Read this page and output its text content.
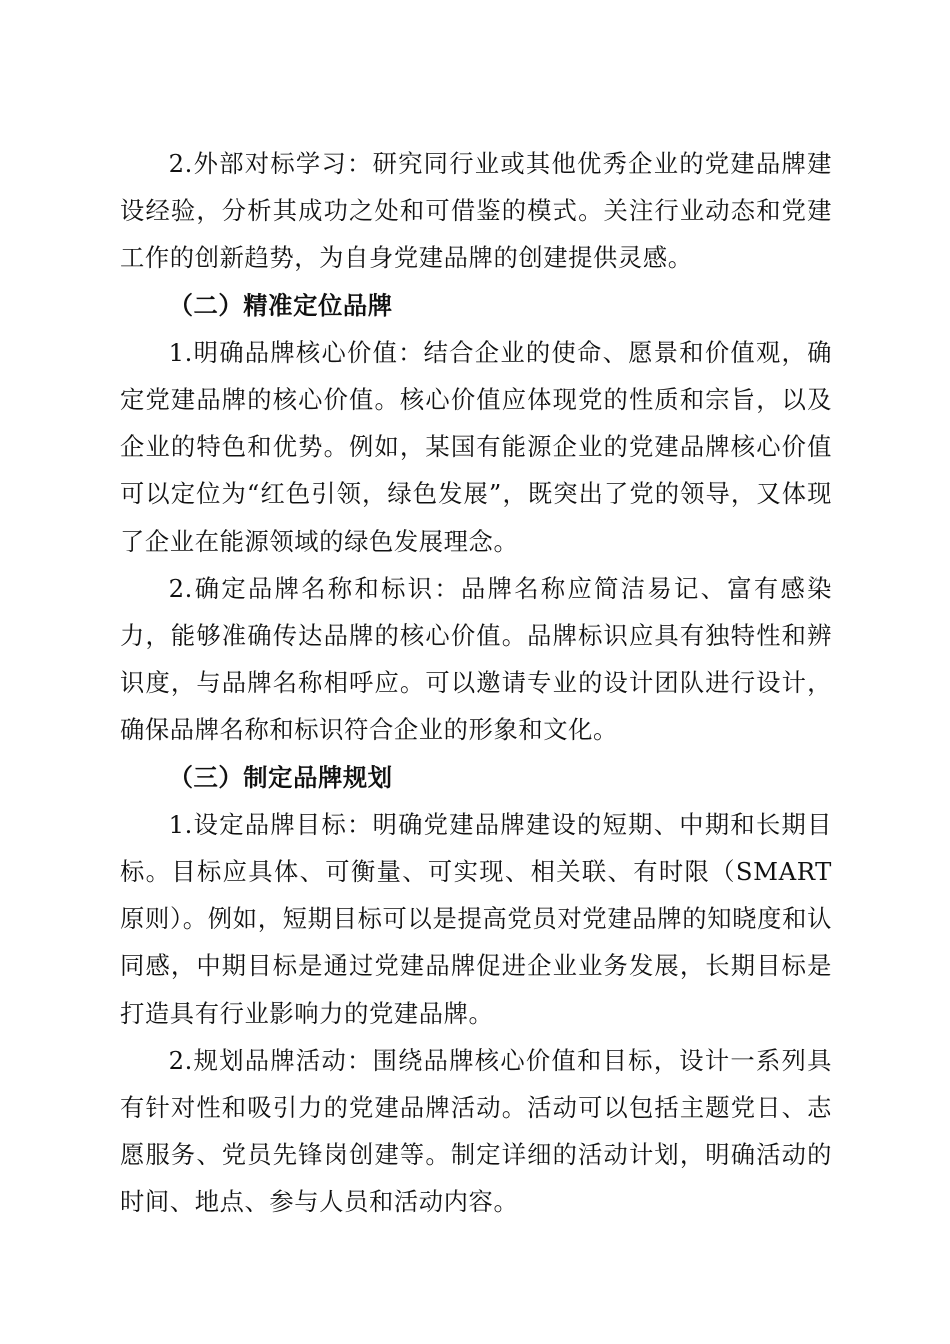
2.外部对标学习：研究同行业或其他优秀企业的党建品牌建设经验，分析其成功之处和可借鉴的模式。关注行业动态和党建工作的创新趋势，为自身党建品牌的创建提供灵感。

（二）精准定位品牌

1.明确品牌核心价值：结合企业的使命、愿景和价值观，确定党建品牌的核心价值。核心价值应体现党的性质和宗旨，以及企业的特色和优势。例如，某国有能源企业的党建品牌核心价值可以定位为“红色引领，绿色发展”，既突出了党的领导，又体现了企业在能源领域的绿色发展理念。

2.确定品牌名称和标识：品牌名称应简洁易记、富有感染力，能够准确传达品牌的核心价值。品牌标识应具有独特性和辨识度，与品牌名称相呼应。可以邀请专业的设计团队进行设计，确保品牌名称和标识符合企业的形象和文化。

（三）制定品牌规划

1.设定品牌目标：明确党建品牌建设的短期、中期和长期目标。目标应具体、可衡量、可实现、相关联、有时限（SMART原则）。例如，短期目标可以是提高党员对党建品牌的知晓度和认同感，中期目标是通过党建品牌促进企业业务发展，长期目标是打造具有行业影响力的党建品牌。

2.规划品牌活动：围绕品牌核心价值和目标，设计一系列具有针对性和吸引力的党建品牌活动。活动可以包括主题党日、志愿服务、党员先锋岗创建等。制定详细的活动计划，明确活动的时间、地点、参与人员和活动内容。
